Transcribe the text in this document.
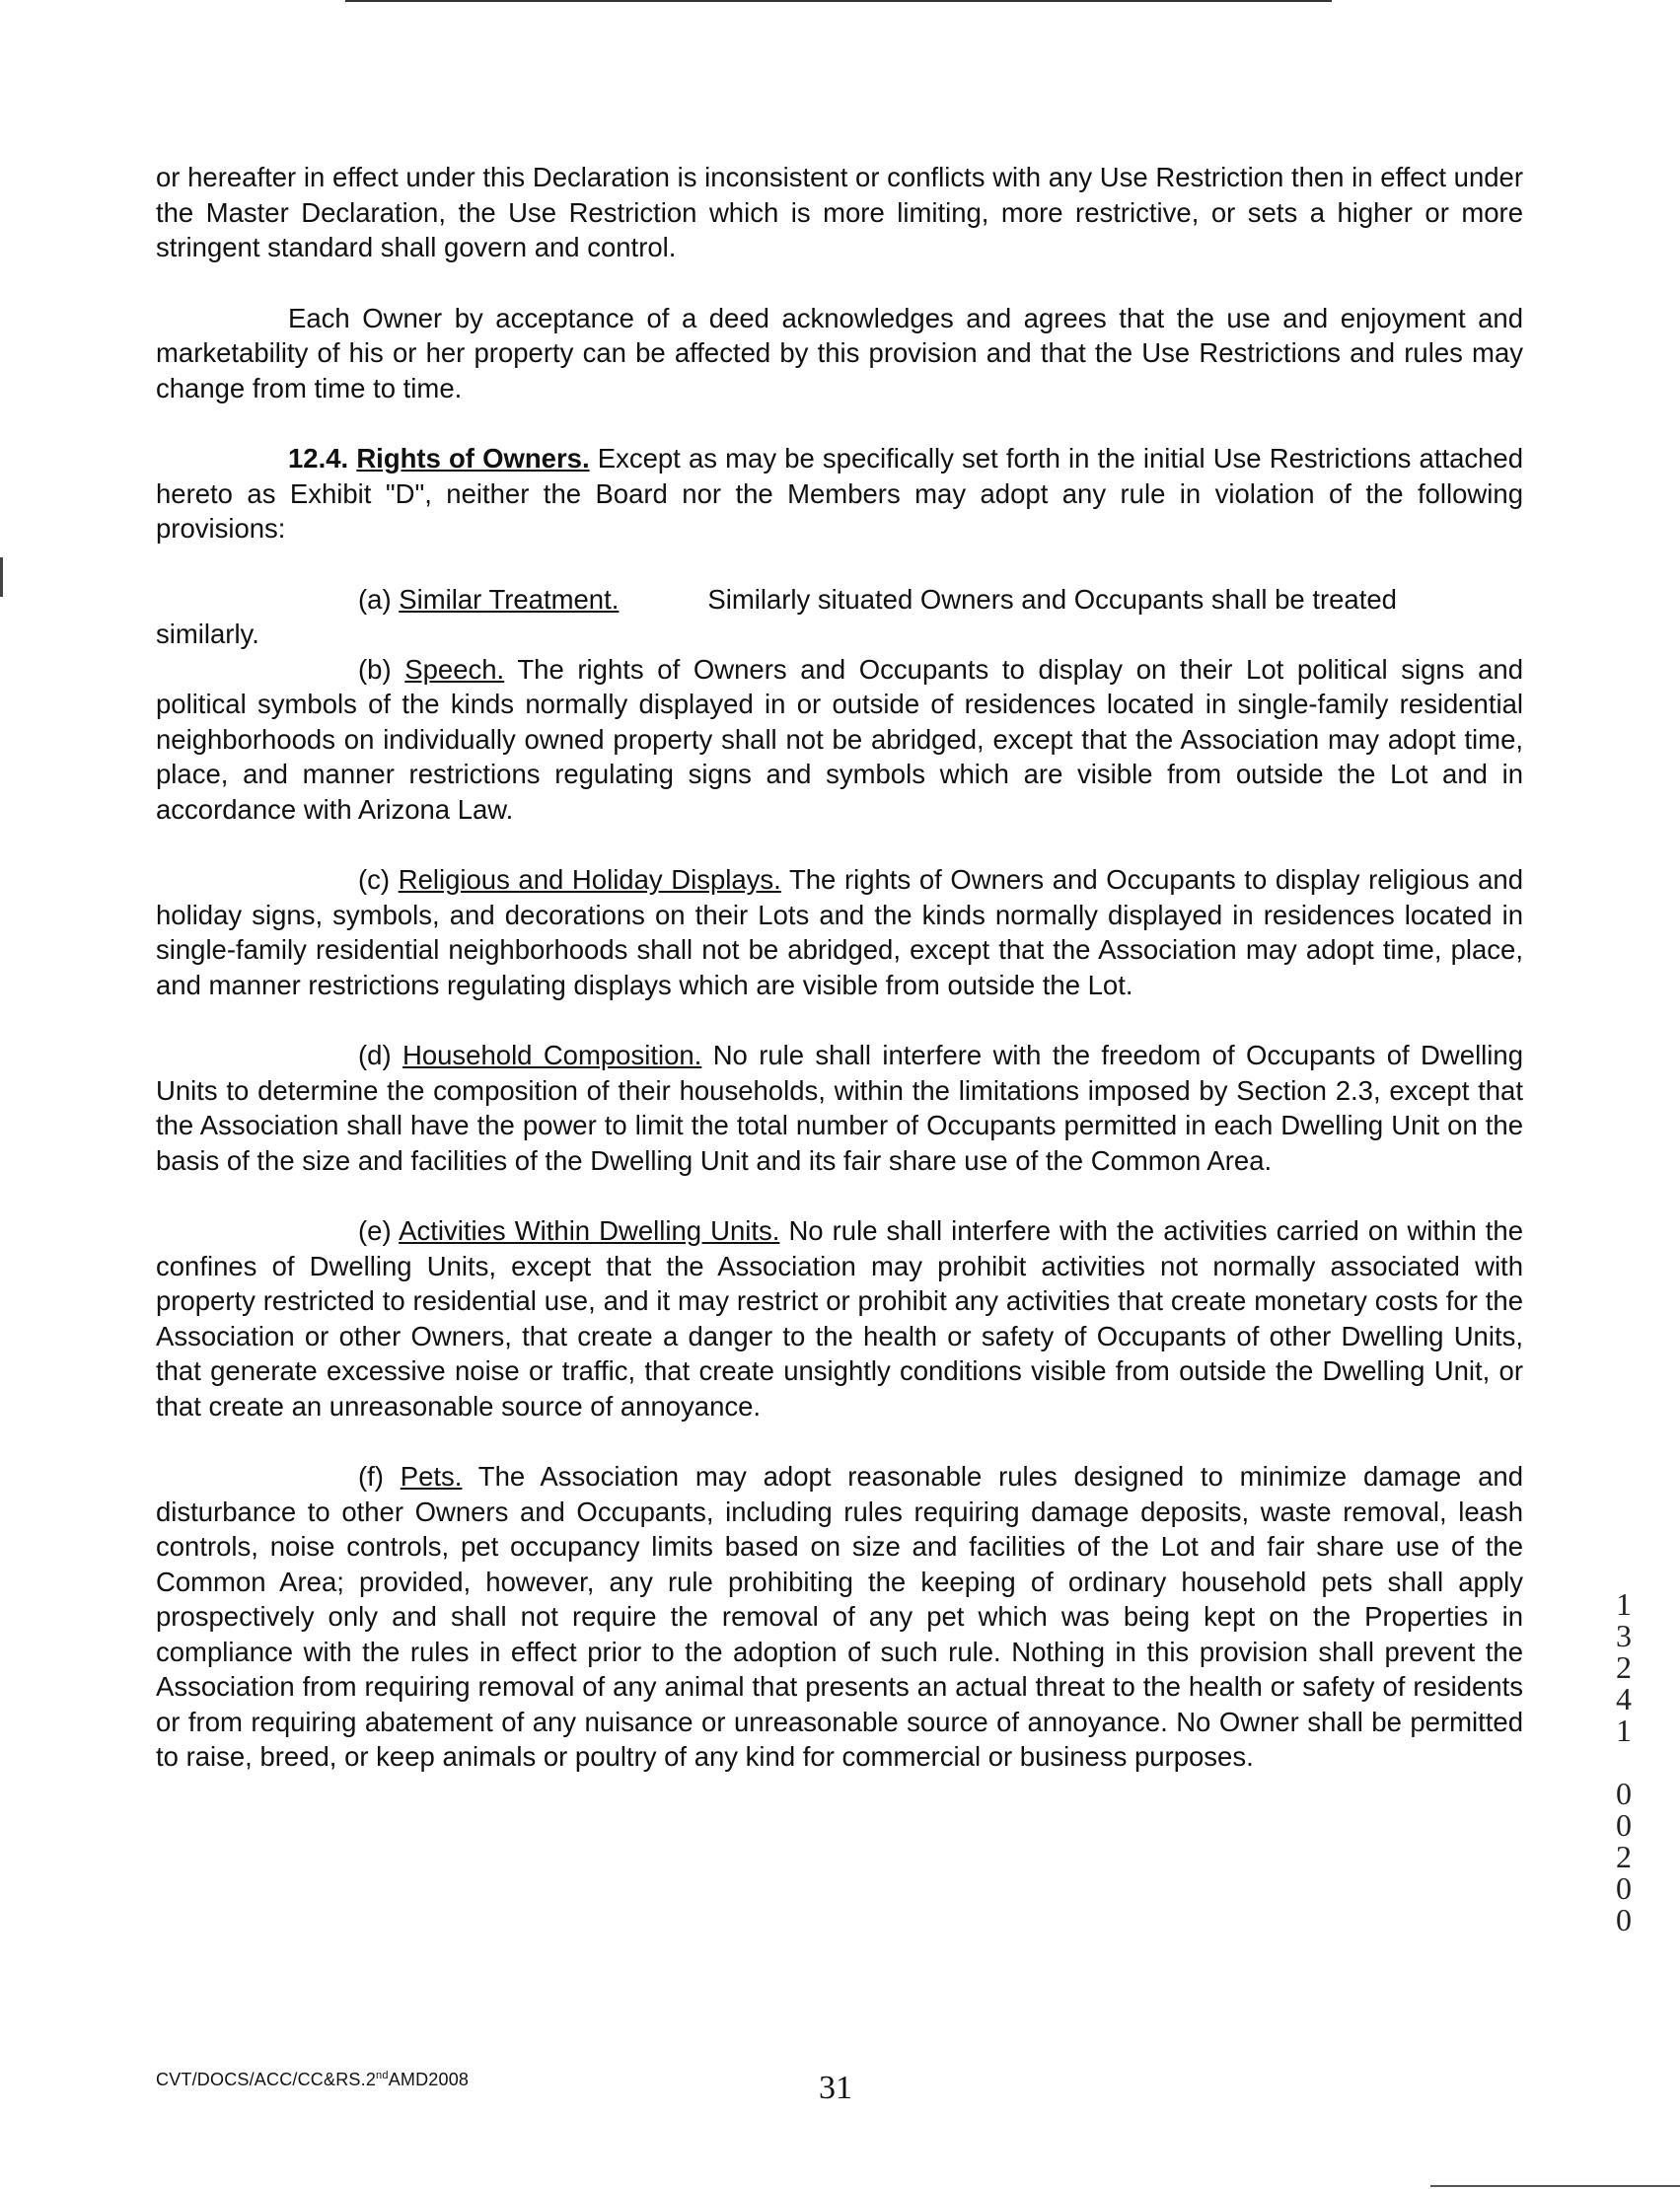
or hereafter in effect under this Declaration is inconsistent or conflicts with any Use Restriction then in effect under the Master Declaration, the Use Restriction which is more limiting, more restrictive, or sets a higher or more stringent standard shall govern and control.

Each Owner by acceptance of a deed acknowledges and agrees that the use and enjoyment and marketability of his or her property can be affected by this provision and that the Use Restrictions and rules may change from time to time.

12.4. Rights of Owners. Except as may be specifically set forth in the initial Use Restrictions attached hereto as Exhibit "D", neither the Board nor the Members may adopt any rule in violation of the following provisions:

(a) Similar Treatment.	Similarly situated Owners and Occupants shall be treated

similarly.

(b) Speech. The rights of Owners and Occupants to display on their Lot political signs and political symbols of the kinds normally displayed in or outside of residences located in single-family residential neighborhoods on individually owned property shall not be abridged, except that the Association may adopt time, place, and manner restrictions regulating signs and symbols which are visible from outside the Lot and in accordance with Arizona Law.

(c) Religious and Holiday Displays. The rights of Owners and Occupants to display religious and holiday signs, symbols, and decorations on their Lots and the kinds normally displayed in residences located in single-family residential neighborhoods shall not be abridged, except that the Association may adopt time, place, and manner restrictions regulating displays which are visible from outside the Lot.

(d) Household Composition. No rule shall interfere with the freedom of Occupants of Dwelling Units to determine the composition of their households, within the limitations imposed by Section 2.3, except that the Association shall have the power to limit the total number of Occupants permitted in each Dwelling Unit on the basis of the size and facilities of the Dwelling Unit and its fair share use of the Common Area.

(e) Activities Within Dwelling Units. No rule shall interfere with the activities carried on within the confines of Dwelling Units, except that the Association may prohibit activities not normally associated with property restricted to residential use, and it may restrict or prohibit any activities that create monetary costs for the Association or other Owners, that create a danger to the health or safety of Occupants of other Dwelling Units, that generate excessive noise or traffic, that create unsightly conditions visible from outside the Dwelling Unit, or that create an unreasonable source of annoyance.

(f) Pets. The Association may adopt reasonable rules designed to minimize damage and disturbance to other Owners and Occupants, including rules requiring damage deposits, waste removal, leash controls, noise controls, pet occupancy limits based on size and facilities of the Lot and fair share use of the Common Area; provided, however, any rule prohibiting the keeping of ordinary household pets shall apply prospectively only and shall not require the removal of any pet which was being kept on the Properties in compliance with the rules in effect prior to the adoption of such rule. Nothing in this provision shall prevent the Association from requiring removal of any animal that presents an actual threat to the health or safety of residents or from requiring abatement of any nuisance or unreasonable source of annoyance. No Owner shall be permitted to raise, breed, or keep animals or poultry of any kind for commercial or business purposes.

1
3
2
4
1
0
0
2
0
0
CVT/DOCS/ACC/CC&RS.2ndAMD2008	31
